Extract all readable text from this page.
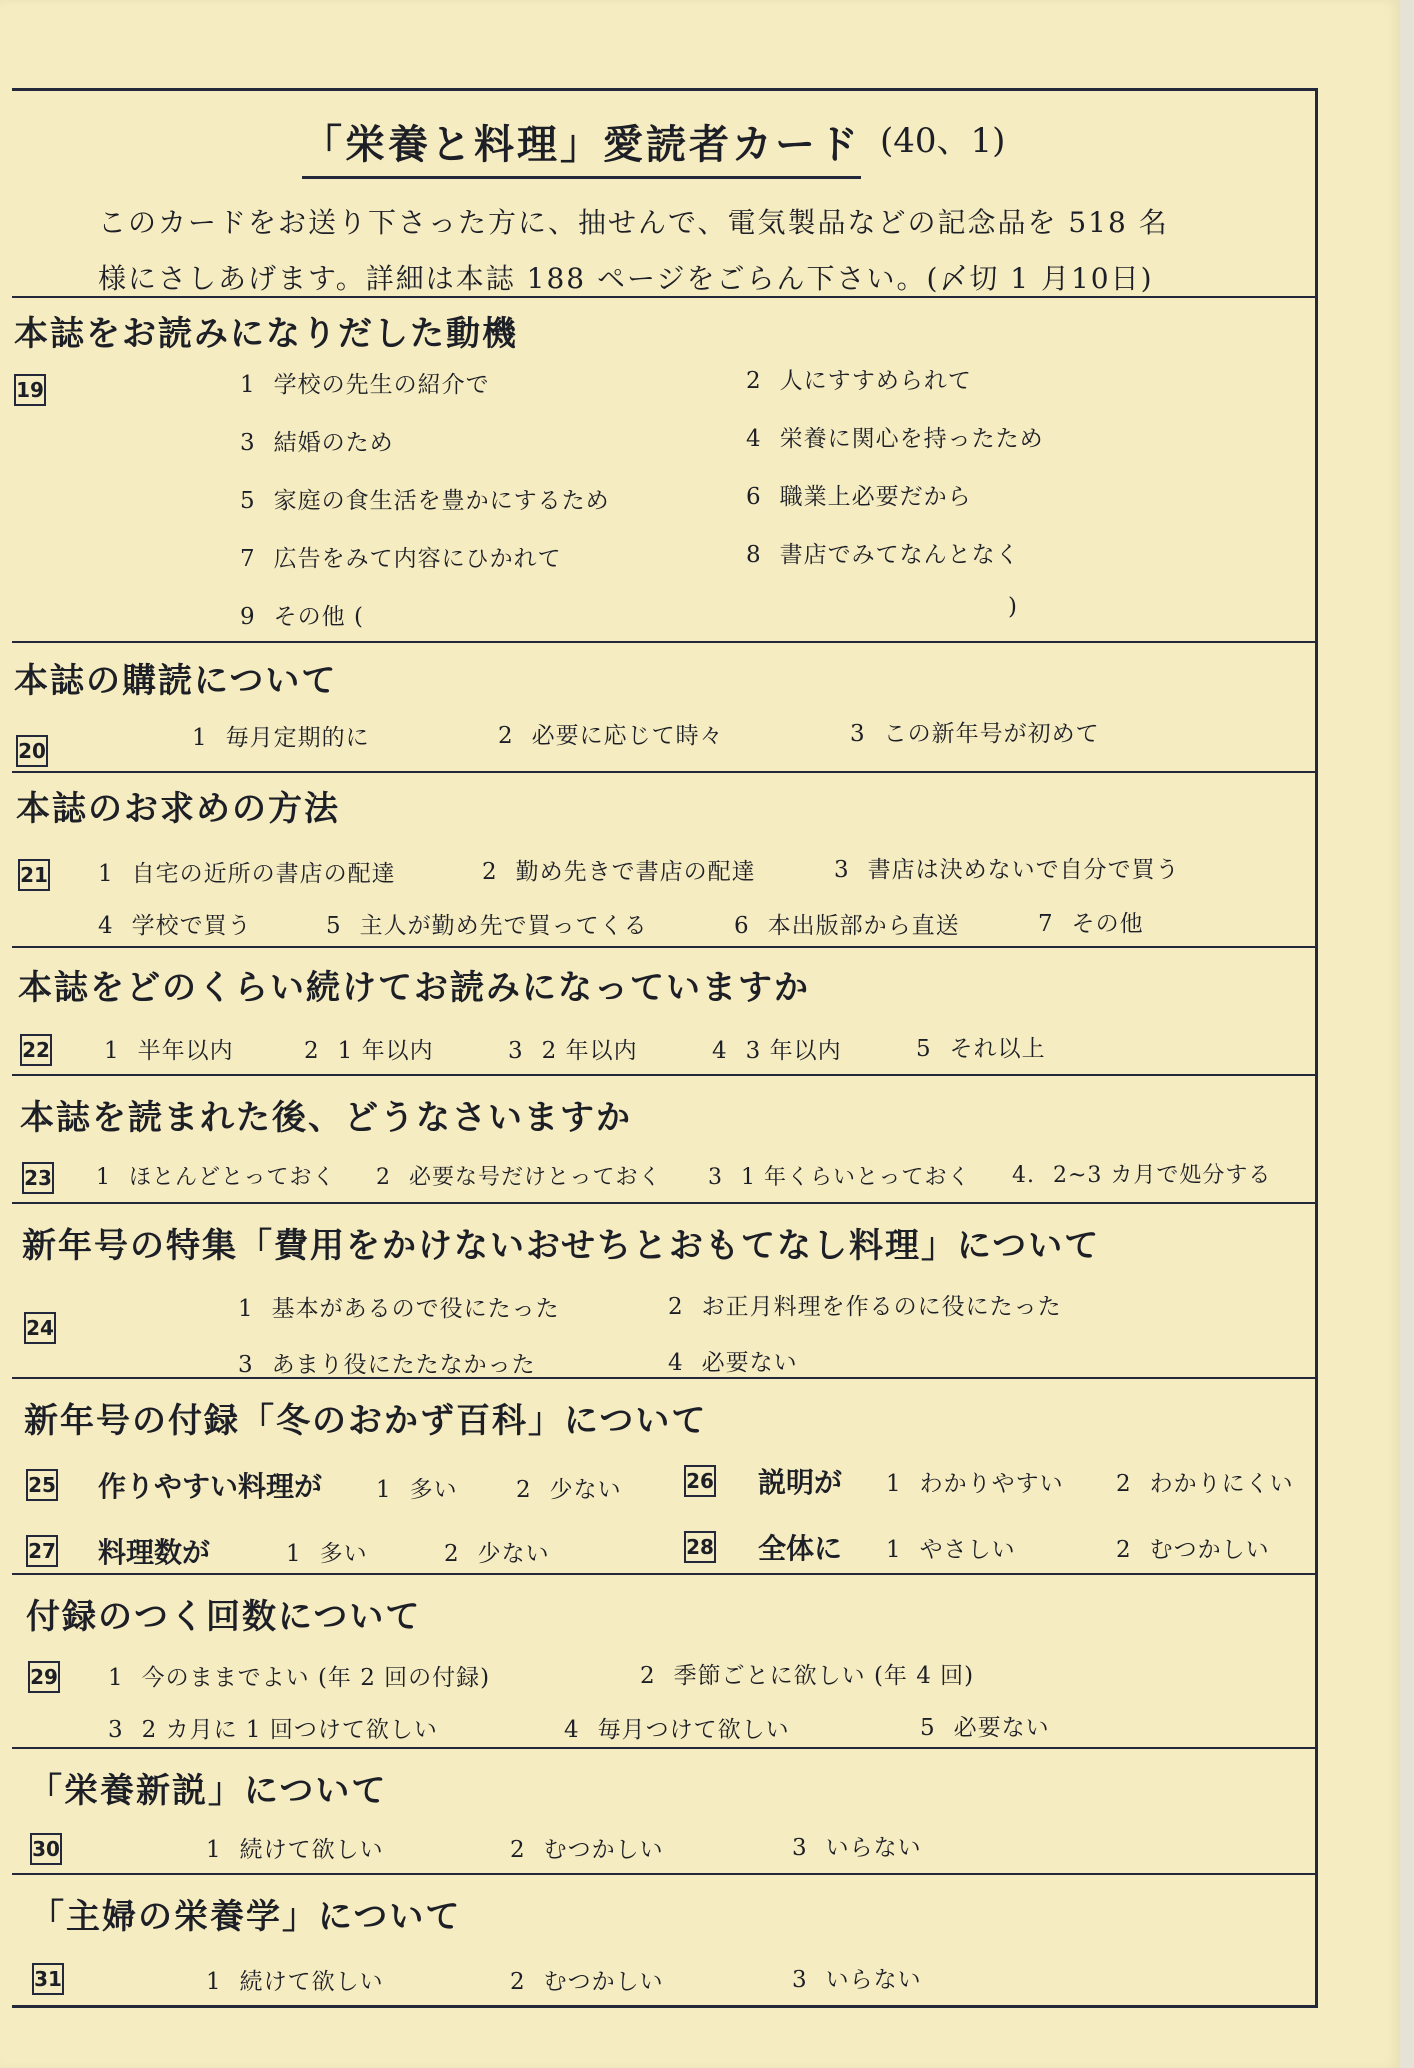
「栄養と料理」愛読者カード (40、1)
このカードをお送り下さった方に、抽せんで、電気製品などの記念品を 518 名
様にさしあげます。詳細は本誌 188 ページをごらん下さい。(〆切 1 月10日)
本誌をお読みになりだした動機
19	1 学校の先生の紹介で	2 人にすすめられて
3 結婚のため	4 栄養に関心を持ったため
5 家庭の食生活を豊かにするため	6 職業上必要だから
7 広告をみて内容にひかれて	8 書店でみてなんとなく
9 その他 (	)
本誌の購読について
20	1 毎月定期的に	2 必要に応じて時々	3 この新年号が初めて
本誌のお求めの方法
21 1 自宅の近所の書店の配達	2 勤め先きで書店の配達	3 書店は決めないで自分で買う
4 学校で買う	5 主人が勤め先で買ってくる	6 本出版部から直送	7 その他
本誌をどのくらい続けてお読みになっていますか
22 1 半年以内	2 1 年以内	3 2 年以内	4 3 年以内	5 それ以上
本誌を読まれた後、どうなさいますか
23 1 ほとんどとっておく 2 必要な号だけとっておく 3 1 年くらいとっておく 4. 2~3 カ月で処分する
新年号の特集「費用をかけないおせちとおもてなし料理」について
24
1 基本があるので役にたった	2 お正月料理を作るのに役にたった
3 あまり役にたたなかった	4 必要ない
新年号の付録「冬のおかず百科」について
25 作りやすい料理が 1 多い	2 少ない	26 説明が 1 わかりやすい 2 わかりにくい
27 料理数が	1 多い	2 少ない	28 全体に 1 やさしい	2 むつかしい
付録のつく回数について
29 1 今のままでよい (年 2 回の付録)	2 季節ごとに欲しい (年 4 回)
3 2 カ月に 1 回つけて欲しい	4 毎月つけて欲しい	5 必要ない
「栄養新説」について
30	1 続けて欲しい	2 むつかしい	3 いらない
「主婦の栄養学」について
31	1 続けて欲しい	2 むつかしい	3 いらない
